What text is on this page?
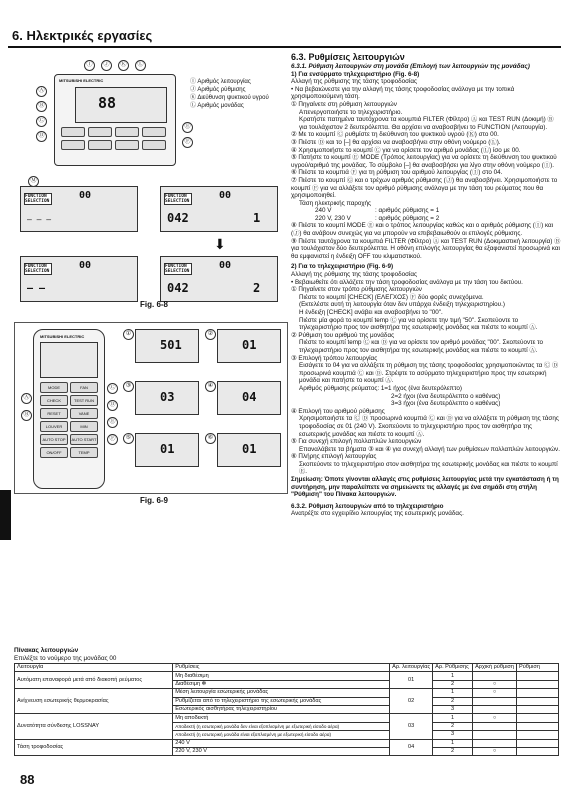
6. Ηλεκτρικές εργασίες
88
Ⓘ	Ⓙ	Ⓚ	Ⓛ
MITSUBISHI ELECTRIC
88
Ⓘ Αριθμός λειτουργίας
Ⓙ Αριθμός ρύθμισης
Ⓚ Διεύθυνση ψυκτικού υγρού
Ⓛ Αριθμός μονάδας
Ⓐ
Ⓑ
Ⓒ
Ⓓ
Ⓔ
Ⓕ
Ⓜ
FUNCTION SELECTION
00
– – –
FUNCTION SELECTION
00
042	1
⬇
FUNCTION SELECTION
00
– –
FUNCTION SELECTION
00
042	2
Fig. 6-8
MITSUBISHI ELECTRIC
MODE	FAN
CHECK	TEST RUN
RESET	VANE
LOUVER	MIN
AUTO STOP	AUTO START
ON/OFF	TEMP
Ⓐ
Ⓑ
Ⓒ
Ⓓ
Ⓔ
Ⓕ
①
501
②
01
③
03
④
04
⑤
01
⑥
01
Fig. 6-9

6.3. Ρυθμίσεις λειτουργιών

6.3.1. Ρύθμιση λειτουργιών στη μονάδα (Επιλογή των λειτουργιών της μονάδας)

1) Για ενσύρματο τηλεχειριστήριο (Fig. 6-8)

Αλλαγή της ρύθμισης της τάσης τροφοδοσίας

• Να βεβαιώνεστε για την αλλαγή της τάσης τροφοδοσίας ανάλογα με την τοπικά χρησιμοποιούμενη τάση.

① Πηγαίνετε στη ρύθμιση λειτουργιών

Απενεργοποιήστε το τηλεχειριστήριο.

Κρατήστε πατημένα ταυτόχρονα τα κουμπιά FILTER (Φίλτρο) Ⓐ και TEST RUN (Δοκιμή) Ⓑ για τουλάχιστον 2 δευτερόλεπτα. Θα αρχίσει να αναβοσβήνει το FUNCTION (Λειτουργία).

② Με το κουμπί Ⓒ ρυθμίστε τη διεύθυνση του ψυκτικού υγρού (Ⓚ) στο 00.

③ Πιέστε Ⓓ και το [–] θα αρχίσει να αναβοσβήνει στην οθόνη νούμερο (Ⓛ).

④ Χρησιμοποιήστε το κουμπί Ⓒ για να ορίσετε τον αριθμό μονάδας (Ⓛ) ίσο με 00.

⑤ Πατήστε το κουμπί Ⓔ MODE (Τρόπος λειτουργίας) για να ορίσετε τη διεύθυνση του ψυκτικού υγρού/αριθμό της μονάδας. Το σύμβολο [–] θα αναβοσβήσει για λίγο στην οθόνη νούμερο (Ⓘ).

⑥ Πιέστε τα κουμπιά Ⓕ για τη ρύθμιση του αριθμού λειτουργίας (Ⓘ) στο 04.

⑦ Πιέστε το κουμπί Ⓖ και ο τρέχων αριθμός ρύθμισης (Ⓙ) θα αναβοσβήνει. Χρησιμοποιήστε το κουμπί Ⓕ για να αλλάξετε τον αριθμό ρύθμισης ανάλογα με την τάση του ρεύματος που θα χρησιμοποιηθεί.

Τάση ηλεκτρικής παροχής

240 V	: αριθμός ρύθμισης = 1

220 V, 230 V	: αριθμός ρύθμισης = 2

⑧ Πιέστε το κουμπί MODE Ⓔ και ο τρόπος λειτουργίας καθώς και ο αριθμός ρύθμισης (Ⓘ) και (Ⓙ) θα ανάβουν συνεχώς για να μπορούν να επιβεβαιωθούν οι επιλογές ρύθμισης.

⑨ Πιέστε ταυτόχρονα τα κουμπιά FILTER (Φίλτρο) Ⓐ και TEST RUN (Δοκιμαστική λειτουργία) Ⓑ για τουλάχιστον δύο δευτερόλεπτα. Η οθόνη επιλογής λειτουργίας θα εξαφανιστεί προσωρινά και θα εμφανιστεί η ένδειξη OFF του κλιματιστικού.

2) Για το τηλεχειριστήριο (Fig. 6-9)

Αλλαγή της ρύθμισης της τάσης τροφοδοσίας

• Βεβαιωθείτε ότι αλλάζετε την τάση τροφοδοσίας ανάλογα με την τάση του δικτύου.

① Πηγαίνετε στον τρόπο ρύθμισης λειτουργιών

Πιέστε το κουμπί [CHECK] (ΕΛΕΓΧΟΣ) Ⓕ δύο φορές συνεχόμενα.

(Εκτελέστε αυτή τη λειτουργία όταν δεν υπάρχει ένδειξη τηλεχειριστηρίου.)

Η ένδειξη [CHECK] ανάβει και αναβοσβήνει το "00".

Πιέστε μία φορά το κουμπί temp Ⓒ για να ορίσετε την τιμή "50". Σκοπεύοντε το τηλεχειριστήριο προς τον αισθητήρα της εσωτερικής μονάδας και πιέστε το κουμπί Ⓐ.

② Ρύθμιση του αριθμού της μονάδας

Πιέστε το κουμπί temp Ⓒ και Ⓓ για να ορίσετε τον αριθμό μονάδας "00". Σκοπεύοντε το τηλεχειριστήριο προς τον αισθητήρα της εσωτερικής μονάδας και πιέστε το κουμπί Ⓐ.

③ Επιλογή τρόπου λειτουργίας

Εισάγετε το 04 για να αλλάξετε τη ρύθμιση της τάσης τροφοδοσίας χρησιμοποιώντας τα Ⓒ Ⓓ προσωρινά κουμπιά Ⓒ και Ⓓ. Στρέψτε το ασύρματο τηλεχειριστήριο προς την εσωτερική μονάδα και πατήστε το κουμπί Ⓐ.

Αριθμός ρύθμισης ρεύματος: 1=1 ήχος (ένα δευτερόλεπτο)

2=2 ήχοι (ένα δευτερόλεπτο ο καθένας)

3=3 ήχοι (ένα δευτερόλεπτο ο καθένας)

④ Επιλογή του αριθμού ρύθμισης

Χρησιμοποιήστε τα Ⓒ Ⓓ προσωρινά κουμπιά Ⓒ και Ⓓ για να αλλάξετε τη ρύθμιση της τάσης τροφοδοσίας σε 01 (240 V). Σκοπεύοντε το τηλεχειριστήριο προς τον αισθητήρα της εσωτερικής μονάδας και πιέστε το κουμπί Ⓐ.

⑤ Για συνεχή επιλογή πολλαπλών λειτουργιών

Επαναλάβετε τα βήματα ③ και ④ για συνεχή αλλαγή των ρυθμίσεων πολλαπλών λειτουργιών.

⑥ Πλήρης επιλογή λειτουργίας

Σκοπεύοντε το τηλεχειριστήριο στον αισθητήρα της εσωτερικής μονάδας και πιέστε το κουμπί Ⓔ.

Σημείωση: Όποτε γίνονται αλλαγές στις ρυθμίσεις λειτουργίας μετά την εγκατάσταση ή τη συντήρηση, μην παραλείπετε να σημειώνετε τις αλλαγές με ένα σημάδι στη στήλη "Ρύθμιση" του Πίνακα λειτουργιών.

6.3.2. Ρύθμιση λειτουργιών από το τηλεχειριστήριο

Ανατρέξτε στο εγχειρίδιο λειτουργίας της εσωτερικής μονάδας.

Πίνακας λειτουργιών
Επιλέξτε το νούμερο της μονάδας 00
Λειτουργία	Ρυθμίσεις	Αρ. λειτουργίας	Αρ. Ρύθμισης	Αρχική ρύθμιση	Ρύθμιση
Αυτόματη επαναφορά μετά από διακοπή ρεύματος	Μη διαθέσιμη	01	1		
	Διαθέσιμη ✻		2	○	
Ανίχνευση εσωτερικής θερμοκρασίας	Μέση λειτουργία εσωτερικής μονάδας	02	1	○	
	Ρυθμίζεται από το τηλεχειριστήριο της εσωτερικής μονάδας		2		
	Εσωτερικός αισθητήρας τηλεχειριστηρίου		3		
Δυνατότητα σύνδεσης LOSSNAY	Μη αποδεκτή	03	1	○	
	Αποδεκτή (η εσωτερική μονάδα δεν είναι εξοπλισμένη με εξωτερική είσοδο αέρα)		2		
	Αποδεκτή (η εσωτερική μονάδα είναι εξοπλισμένη με εξωτερική είσοδο αέρα)		3		
Τάση τροφοδοσίας	240 V	04	1		
	220 V, 230 V		2	○	
